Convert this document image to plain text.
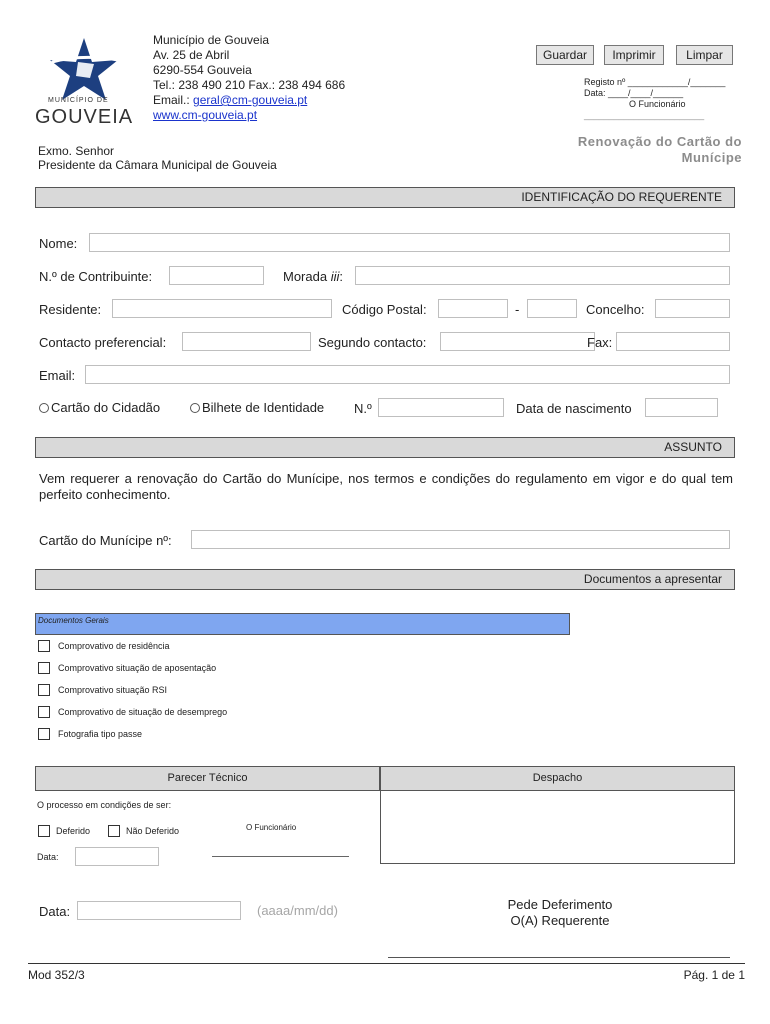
MUNICÍPIO DE
GOUVEIA
Município de Gouveia
Av. 25 de Abril
6290-554 Gouveia
Tel.: 238 490 210 Fax.: 238 494 686
Email.: geral@cm-gouveia.pt
www.cm-gouveia.pt
Guardar	Imprimir	Limpar
Registo nº ____________/_______
Data: ____/____/______
O Funcionário
________________________
Renovação do Cartão do
Munícipe
Exmo. Senhor
Presidente da Câmara Municipal de Gouveia
IDENTIFICAÇÃO DO REQUERENTE
Nome:
N.º de Contribuinte:	Morada iii:
Residente:	Código Postal:	-	Concelho:
Contacto preferencial:	Segundo contacto:	Fax:
Email:
Cartão do Cidadão	Bilhete de Identidade N.º	Data de nascimento
ASSUNTO
Vem requerer a renovação do Cartão do Munícipe, nos termos e condições do regulamento em vigor e do qual tem perfeito conhecimento.
Cartão do Munícipe nº:
Documentos a apresentar
Documentos Gerais
Comprovativo de residência
Comprovativo situação de aposentação
Comprovativo situação RSI
Comprovativo de situação de desemprego
Fotografia tipo passe
Parecer Técnico	Despacho
O processo em condições de ser:
Deferido	Não Deferido	O Funcionário
Data:
Data:	(aaaa/mm/dd)	Pede Deferimento
O(A) Requerente
Mod 352/3	Pág. 1 de 1
